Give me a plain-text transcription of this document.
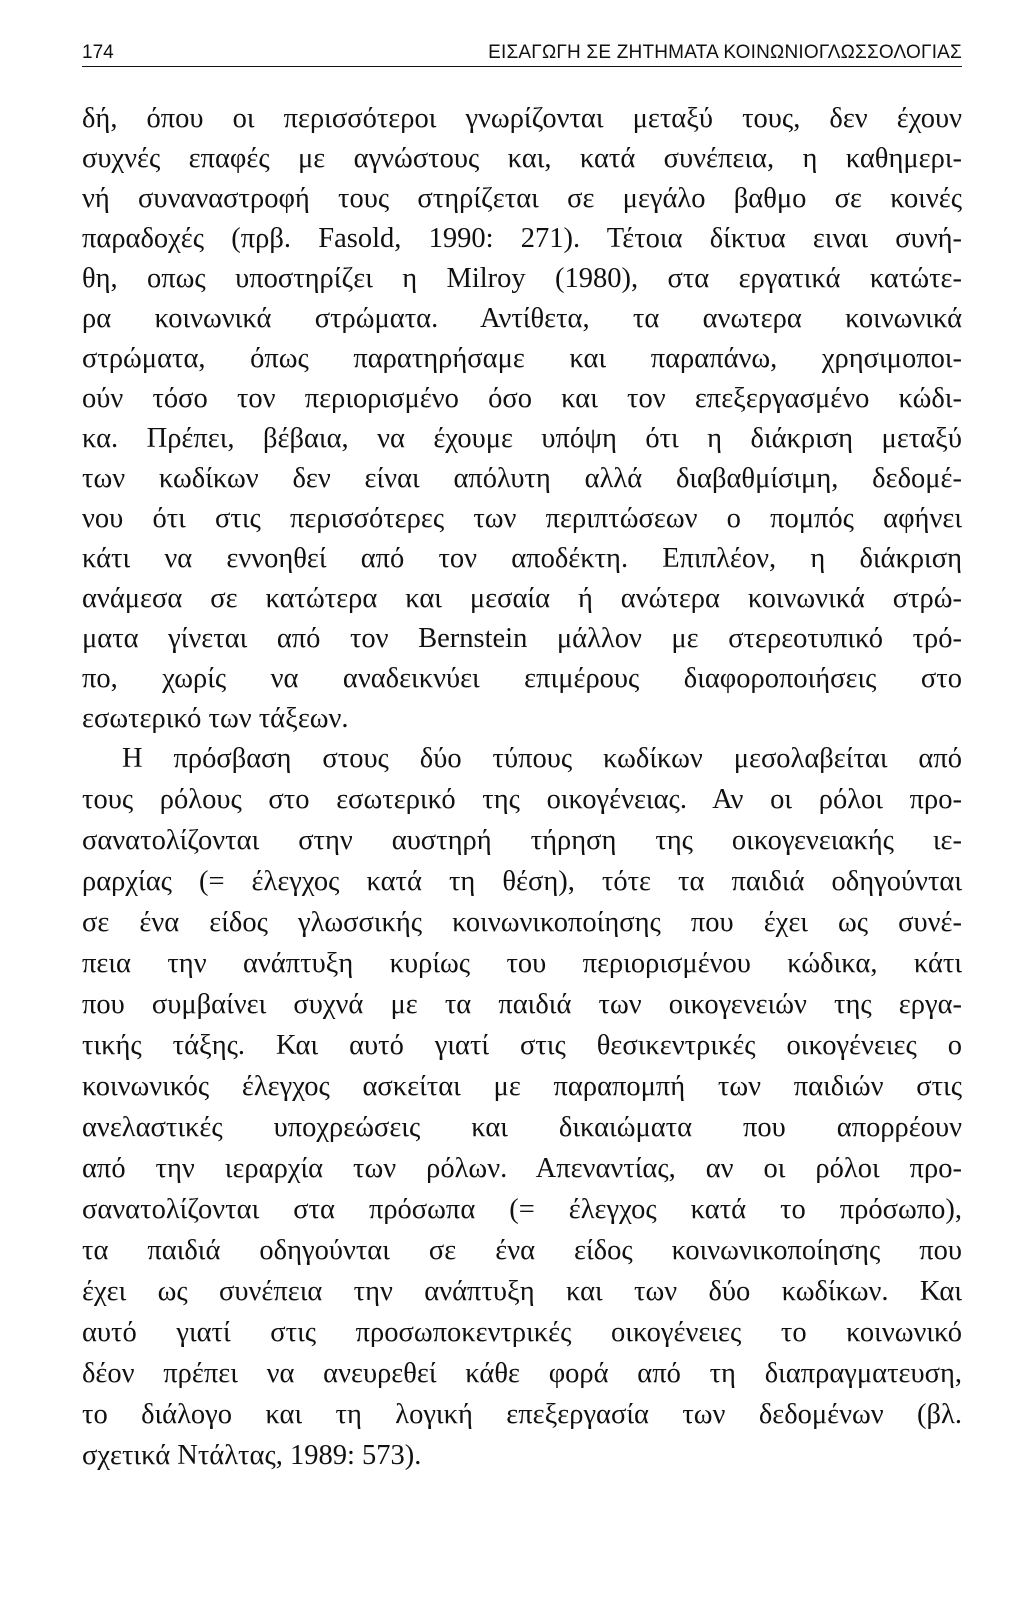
174	ΕΙΣΑΓΩΓΗ ΣΕ ΖΗΤΗΜΑΤΑ ΚΟΙΝΩΝΙΟΓΛΩΣΣΟΛΟΓΙΑΣ

δή, όπου οι περισσότεροι γνωρίζονται μεταξύ τους, δεν έχουν

συχνές επαφές με αγνώστους και, κατά συνέπεια, η καθημερι-

νή συναναστροφή τους στηρίζεται σε μεγάλο βαθμο σε κοινές

παραδοχές (πρβ. Fasold, 1990: 271). Τέτοια δίκτυα ειναι συνή-

θη, οπως υποστηρίζει η Milroy (1980), στα εργατικά κατώτε-

ρα κοινωνικά στρώματα. Αντίθετα, τα ανωτερα κοινωνικά

στρώματα, όπως παρατηρήσαμε και παραπάνω, χρησιμοποι-

ούν τόσο τον περιορισμένο όσο και τον επεξεργασμένο κώδι-

κα. Πρέπει, βέβαια, να έχουμε υπόψη ότι η διάκριση μεταξύ

των κωδίκων δεν είναι απόλυτη αλλά διαβαθμίσιμη, δεδομέ-

νου ότι στις περισσότερες των περιπτώσεων ο πομπός αφήνει

κάτι να εννοηθεί από τον αποδέκτη. Επιπλέον, η διάκριση

ανάμεσα σε κατώτερα και μεσαία ή ανώτερα κοινωνικά στρώ-

ματα γίνεται από τον Bernstein μάλλον με στερεοτυπικό τρό-

πο, χωρίς να αναδεικνύει επιμέρους διαφοροποιήσεις στο

εσωτερικό των τάξεων.

Η πρόσβαση στους δύο τύπους κωδίκων μεσολαβείται από

τους ρόλους στο εσωτερικό της οικογένειας. Αν οι ρόλοι προ-

σανατολίζονται στην αυστηρή τήρηση της οικογενειακής ιε-

ραρχίας (= έλεγχος κατά τη θέση), τότε τα παιδιά οδηγούνται

σε ένα είδος γλωσσικής κοινωνικοποίησης που έχει ως συνέ-

πεια την ανάπτυξη κυρίως του περιορισμένου κώδικα, κάτι

που συμβαίνει συχνά με τα παιδιά των οικογενειών της εργα-

τικής τάξης. Και αυτό γιατί στις θεσικεντρικές οικογένειες ο

κοινωνικός έλεγχος ασκείται με παραπομπή των παιδιών στις

ανελαστικές υποχρεώσεις και δικαιώματα που απορρέουν

από την ιεραρχία των ρόλων. Απεναντίας, αν οι ρόλοι προ-

σανατολίζονται στα πρόσωπα (= έλεγχος κατά το πρόσωπο),

τα παιδιά οδηγούνται σε ένα είδος κοινωνικοποίησης που

έχει ως συνέπεια την ανάπτυξη και των δύο κωδίκων. Και

αυτό γιατί στις προσωποκεντρικές οικογένειες το κοινωνικό

δέον πρέπει να ανευρεθεί κάθε φορά από τη διαπραγματευση,

το διάλογο και τη λογική επεξεργασία των δεδομένων (βλ.

σχετικά Ντάλτας, 1989: 573).
